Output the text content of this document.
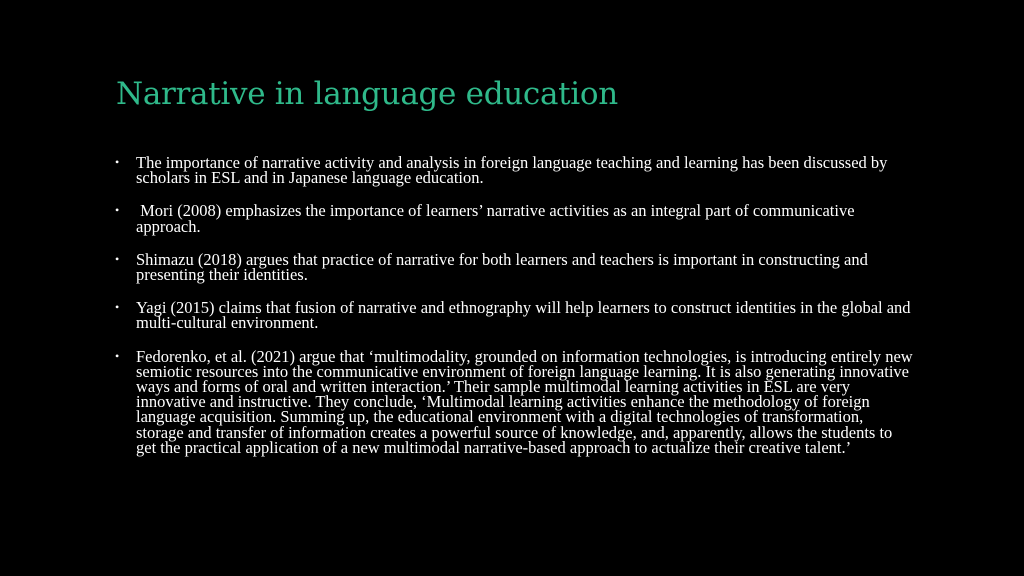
Narrative in language education
• The importance of narrative activity and analysis in foreign language teaching and learning has been discussed by scholars in ESL and in Japanese language education.
• Mori (2008) emphasizes the importance of learners’ narrative activities as an integral part of communicative approach.
• Shimazu (2018) argues that practice of narrative for both learners and teachers is important in constructing and presenting their identities.
• Yagi (2015) claims that fusion of narrative and ethnography will help learners to construct identities in the global and multi-cultural environment.
• Fedorenko, et al. (2021) argue that ‘multimodality, grounded on information technologies, is introducing entirely new semiotic resources into the communicative environment of foreign language learning. It is also generating innovative ways and forms of oral and written interaction.’ Their sample multimodal learning activities in ESL are very innovative and instructive. They conclude, ‘Multimodal learning activities enhance the methodology of foreign language acquisition. Summing up, the educational environment with a digital technologies of transformation, storage and transfer of information creates a powerful source of knowledge, and, apparently, allows the students to get the practical application of a new multimodal narrative-based approach to actualize their creative talent.’
